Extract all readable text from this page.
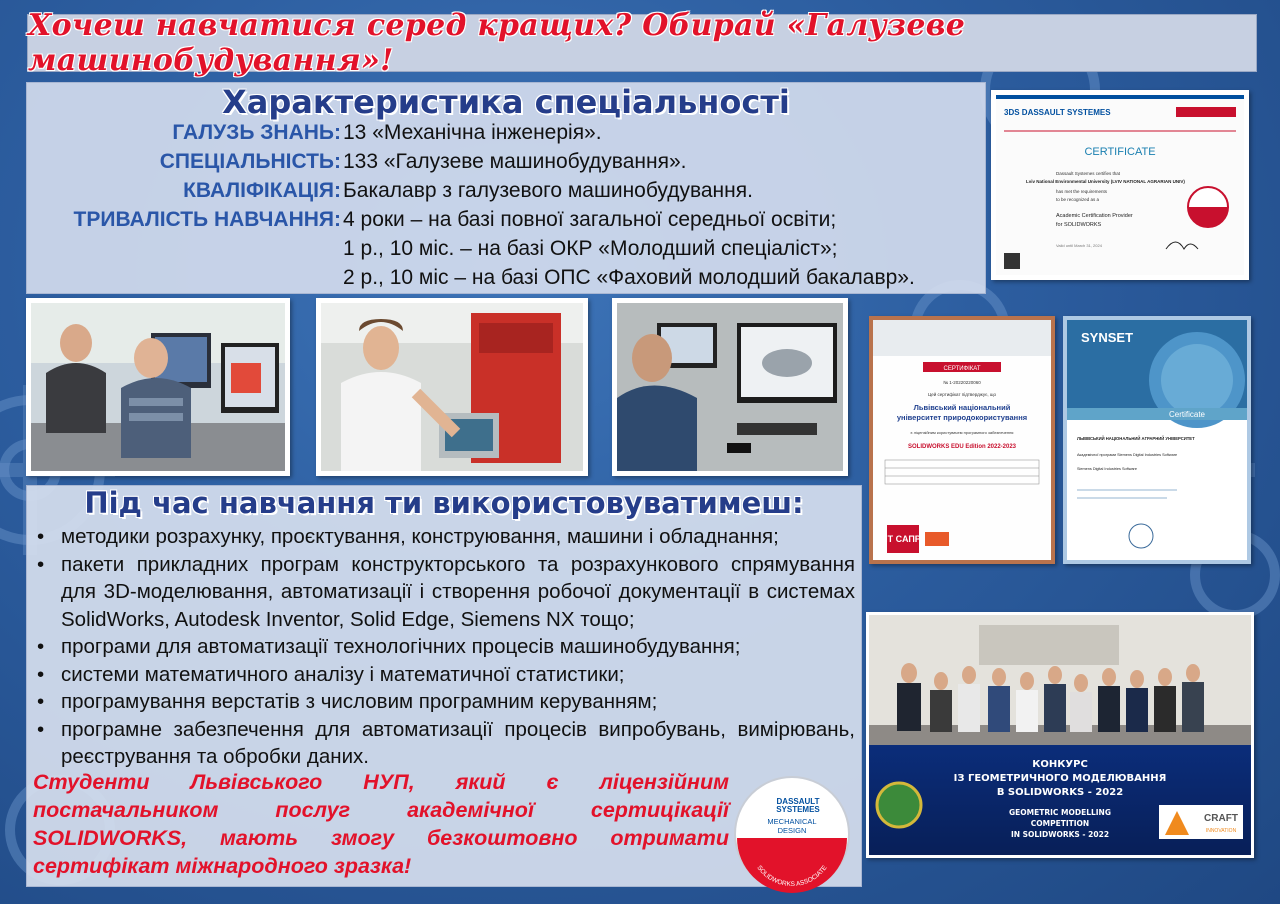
Хочеш навчатися серед кращих? Обирай «Галузеве машинобудування»!
Характеристика спеціальності
ГАЛУЗЬ ЗНАНЬ: 13 «Механічна інженерія».
СПЕЦІАЛЬНІСТЬ: 133 «Галузеве машинобудування».
КВАЛІФІКАЦІЯ: Бакалавр з галузевого машинобудування.
ТРИВАЛІСТЬ НАВЧАННЯ: 4 роки – на базі повної загальної середньої освіти;
1 р., 10 міс. – на базі ОКР «Молодший спеціаліст»;
2 р., 10 міс – на базі ОПС «Фаховий молодший бакалавр».
3DS DASSAULT SYSTEMES
CERTIFICATE
Dassault Systemes certifies that
Lviv National Environmental University (LVIV NATIONAL AGRARIAN UNIV)
has met the requirements
to be recognized as a
Academic Certification Provider
for SOLIDWORKS
Valid until March 31, 2024
СЕРТИФІКАТ
№ 1-20220220060
Цей сертифікат підтверджує, що
Львівський національний
університет природокористування
є ліцензійним користувачем програмного забезпечення
SOLIDWORKS EDU Edition 2022-2023
IT САПР
SYNSET
Certificate
ЛЬВІВСЬКИЙ НАЦІОНАЛЬНИЙ АГРАРНИЙ УНІВЕРСИТЕТ
Академічної програми Siemens Digital Industries Software
Siemens Digital Industries Software
КОНКУРС
ІЗ ГЕОМЕТРИЧНОГО МОДЕЛЮВАННЯ
В SOLIDWORKS - 2022
GEOMETRIC MODELLING
COMPETITION
IN SOLIDWORKS - 2022
CRAFT
INNOVATION
Під час навчання ти використовуватимеш:
• методики розрахунку, проєктування, конструювання, машини і обладнання;
• пакети прикладних програм конструкторського та розрахункового спрямування для 3D-моделювання, автоматизації і створення робочої документації в системах SolidWorks, Autodesk Inventor, Solid Edge, Siemens NX тощо;
• програми для автоматизації технологічних процесів машинобудування;
• системи математичного аналізу і математичної статистики;
• програмування верстатів з числовим програмним керуванням;
• програмне забезпечення для автоматизації процесів випробувань, вимірювань, реєстрування та обробки даних.
Студенти Львівського НУП, який є ліцензійним постачальником послуг академічної сертицікації SOLIDWORKS, мають змогу безкоштовно отримати сертифікат міжнародного зразка!
DASSAULT
SYSTEMES
MECHANICAL
DESIGN
SOLIDWORKS ASSOCIATE
